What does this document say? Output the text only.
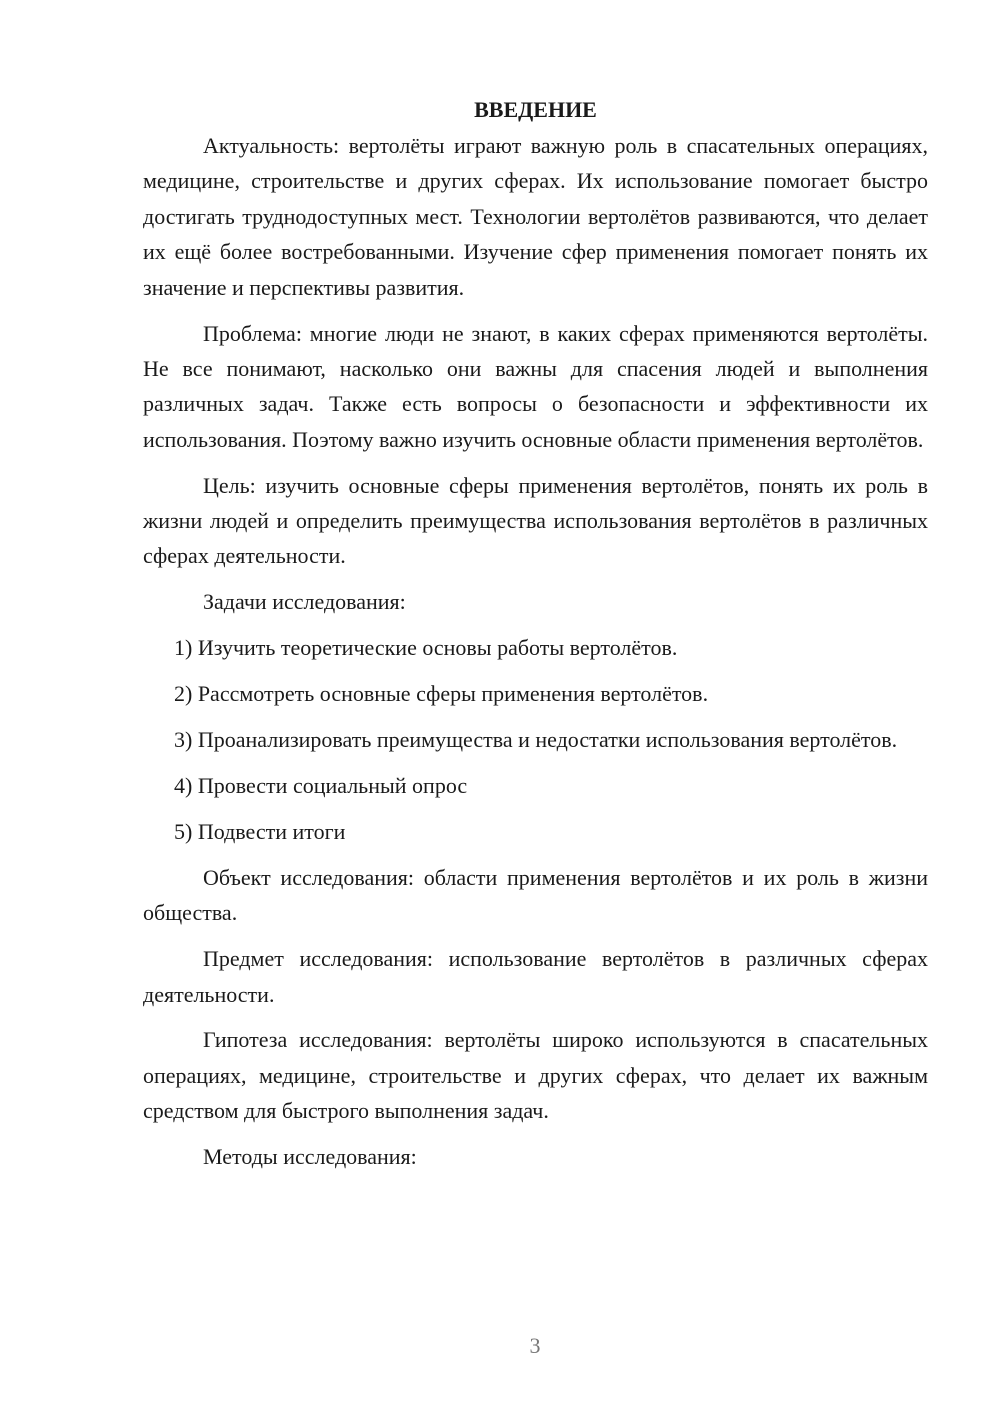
ВВЕДЕНИЕ

Актуальность: вертолёты играют важную роль в спасательных операциях, медицине, строительстве и других сферах. Их использование помогает быстро достигать труднодоступных мест. Технологии вертолётов развиваются, что делает их ещё более востребованными. Изучение сфер применения помогает понять их значение и перспективы развития.

Проблема: многие люди не знают, в каких сферах применяются вертолёты. Не все понимают, насколько они важны для спасения людей и выполнения различных задач. Также есть вопросы о безопасности и эффективности их использования. Поэтому важно изучить основные области применения вертолётов.

Цель: изучить основные сферы применения вертолётов, понять их роль в жизни людей и определить преимущества использования вертолётов в различных сферах деятельности.

Задачи исследования:

1) Изучить теоретические основы работы вертолётов.

2) Рассмотреть основные сферы применения вертолётов.

3) Проанализировать преимущества и недостатки использования вертолётов.

4) Провести социальный опрос

5) Подвести итоги

Объект исследования: области применения вертолётов и их роль в жизни общества.

Предмет исследования: использование вертолётов в различных сферах деятельности.

Гипотеза исследования: вертолёты широко используются в спасательных операциях, медицине, строительстве и других сферах, что делает их важным средством для быстрого выполнения задач.

Методы исследования:

3
